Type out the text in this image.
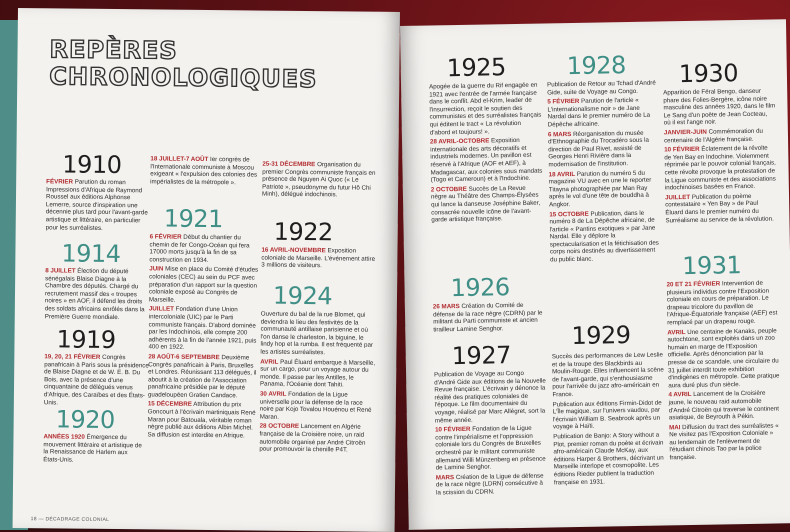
REPÈRES
CHRONOLOGIQUES
1910

FÉVRIER Parution du roman Impressions d'Afrique de Raymond Roussel aux éditions Alphonse Lemerre, source d'inspiration une décennie plus tard pour l'avant-garde artistique et littéraire, en particulier pour les surréalistes.

1914

8 JUILLET Élection du député sénégalais Blaise Diagne à la Chambre des députés. Chargé du recrutement massif des « troupes noires » en AOF, il défend les droits des soldats africains enrôlés dans la Première Guerre mondiale.

1919

19, 20, 21 FÉVRIER Congrès panafricain à Paris sous la présidence de Blaise Diagne et de W. E. B. Du Bois, avec la présence d'une cinquantaine de délégués venus d'Afrique, des Caraïbes et des États-Unis.

1920

ANNÉES 1920 Émergence du mouvement littéraire et artistique de la Renaissance de Harlem aux États-Unis.

18 JUILLET-7 AOÛT Ier congrès de l'Internationale communiste à Moscou exigeant « l'expulsion des colonies des impérialistes de la métropole ».

1921

6 FÉVRIER Début du chantier du chemin de fer Congo-Océan qui fera 17000 morts jusqu'à la fin de sa construction en 1934.

JUIN Mise en place du Comité d'études coloniales (CEC) au sein du PCF avec préparation d'un rapport sur la question coloniale exposé au Congrès de Marseille.

JUILLET Fondation d'une Union intercoloniale (UIC) par le Parti communiste français. D'abord dominée par les Indochinois, elle compte 200 adhérents à la fin de l'année 1921, puis 400 en 1922.

28 AOÛT-6 SEPTEMBRE Deuxième Congrès panafricain à Paris, Bruxelles et Londres. Réunissant 113 délégués, il aboutit à la création de l'Association panafricaine présidée par le député guadeloupéen Gratien Candace.

15 DÉCEMBRE Attribution du prix Goncourt à l'écrivain martiniquais René Maran pour Batouala, véritable roman nègre publié aux éditions Albin Michel. Sa diffusion est interdite en Afrique.

25-31 DÉCEMBRE Organisation du premier Congrès communiste français en présence de Nguyen Ai Quoc (« Le Patriote », pseudonyme du futur Hô Chi Minh), délégué indochinois.

1922

16 AVRIL-NOVEMBRE Exposition coloniale de Marseille. L'événement attire 3 millions de visiteurs.

1924

Ouverture du bal de la rue Blomet, qui deviendra le lieu des festivités de la communauté antillaise parisienne et où l'on danse le charleston, la biguine, le lindy hop et la rumba. Il est fréquenté par les artistes surréalistes.

AVRIL Paul Éluard embarque à Marseille, sur un cargo, pour un voyage autour du monde. Il passe par les Antilles, le Panama, l'Océanie dont Tahiti.

30 AVRIL Fondation de la Ligue universelle pour la défense de la race noire par Kojo Tovalou Houénou et René Maran.

28 OCTOBRE Lancement en Algérie française de la Croisière noire, un raid automobile organisé par André Citroën pour promouvoir la chenille P4T.

18 — DÉCADRAGE COLONIAL
1925

Apogée de la guerre du Rif engagée en 1921 avec l'entrée de l'armée française dans le conflit. Abd el-Krim, leader de l'insurrection, reçoit le soutien des communistes et des surréalistes français qui éditent le tract « La révolution d'abord et toujours! ».

28 AVRIL-OCTOBRE Exposition internationale des arts décoratifs et industriels modernes. Un pavillon est réservé à l'Afrique (AOF et AEF), à Madagascar, aux colonies sous mandats (Togo et Cameroun) et à l'Indochine.

2 OCTOBRE Succès de La Revue nègre au Théâtre des Champs-Élysées qui lance la danseuse Joséphine Baker, consacrée nouvelle icône de l'avant-garde artistique française.

1926

26 MARS Création du Comité de défense de la race nègre (CDRN) par le militant du Parti communiste et ancien tirailleur Lamine Senghor.

1927

Publication de Voyage au Congo d'André Gide aux éditions de la Nouvelle Revue française. L'écrivain y dénonce la réalité des pratiques coloniales de l'époque. Le film documentaire du voyage, réalisé par Marc Allégret, sort la même année.

10 FÉVRIER Fondation de la Ligue contre l'impérialisme et l'oppression coloniale lors du Congrès de Bruxelles orchestré par le militant communiste allemand Willi Münzenberg en présence de Lamine Senghor.

MARS Création de la Ligue de défense de la race nègre (LDRN) consécutive à la scission du CDRN.

1928

Publication de Retour au Tchad d'André Gide, suite de Voyage au Congo.

5 FÉVRIER Parution de l'article « L'internationalisme noir » de Jane Nardal dans le premier numéro de La Dépêche africaine.

6 MARS Réorganisation du musée d'Ethnographie du Trocadéro sous la direction de Paul Rivet, assisté de Georges Henri Rivière dans la modernisation de l'institution.

18 AVRIL Parution du numéro 5 du magazine VU avec en une le reporter Titayna photographiée par Man Ray après le vol d'une tête de bouddha à Angkor.

15 OCTOBRE Publication, dans le numéro 8 de La Dépêche africaine, de l'article « Pantins exotiques » par Jane Nardal. Elle y déplore la spectacularisation et la fétichisation des corps noirs destinés au divertissement du public blanc.

1929

Succès des performances de Lew Leslie et de la troupe des Blackbirds au Moulin-Rouge. Elles influencent la scène de l'avant-garde, qui s'enthousiasme pour l'arrivée du jazz afro-américain en France.

Publication aux éditions Firmin-Didot de L'Île magique, sur l'univers vaudou, par l'écrivain William B. Seabrook après un voyage à Haïti.

Publication de Banjo: A Story without a Plot, premier roman du poète et écrivain afro-américain Claude McKay, aux éditions Harper & Brothers, décrivant un Marseille interlope et cosmopolite. Les éditions Rieder publient la traduction française en 1931.

1930

Apparition de Féral Bengo, danseur phare des Folies-Bergère, icône noire masculine des années 1920, dans le film Le Sang d'un poète de Jean Cocteau, où il est l'ange noir.

JANVIER-JUIN Commémoration du centenaire de l'Algérie française.

10 FÉVRIER Éclatement de la révolte de Yen Bay en Indochine. Violemment réprimée par le pouvoir colonial français, cette révolte provoque la protestation de la Ligue communiste et des associations indochinoises basées en France.

JUILLET Publication du poème contestataire « Yen Bay » de Paul Éluard dans le premier numéro du Surréalisme au service de la révolution.

1931

20 ET 21 FÉVRIER Intervention de plusieurs individus contre l'Exposition coloniale en cours de préparation. Le drapeau tricolore du pavillon de l'Afrique-Équatoriale française (AEF) est remplacé par un drapeau rouge.

AVRIL Une centaine de Kanaks, peuple autochtone, sont exploités dans un zoo humain en marge de l'Exposition officielle. Après dénonciation par la presse de ce scandale, une circulaire du 31 juillet interdit toute exhibition d'indigènes en métropole. Cette pratique aura duré plus d'un siècle.

4 AVRIL Lancement de la Croisière jaune, le nouveau raid automobile d'André Citroën qui traverse le continent asiatique, de Beyrouth à Pékin.

MAI Diffusion du tract des surréalistes « Ne visitez pas l'Exposition Coloniale » au lendemain de l'enlèvement de l'étudiant chinois Tao par la police française.
